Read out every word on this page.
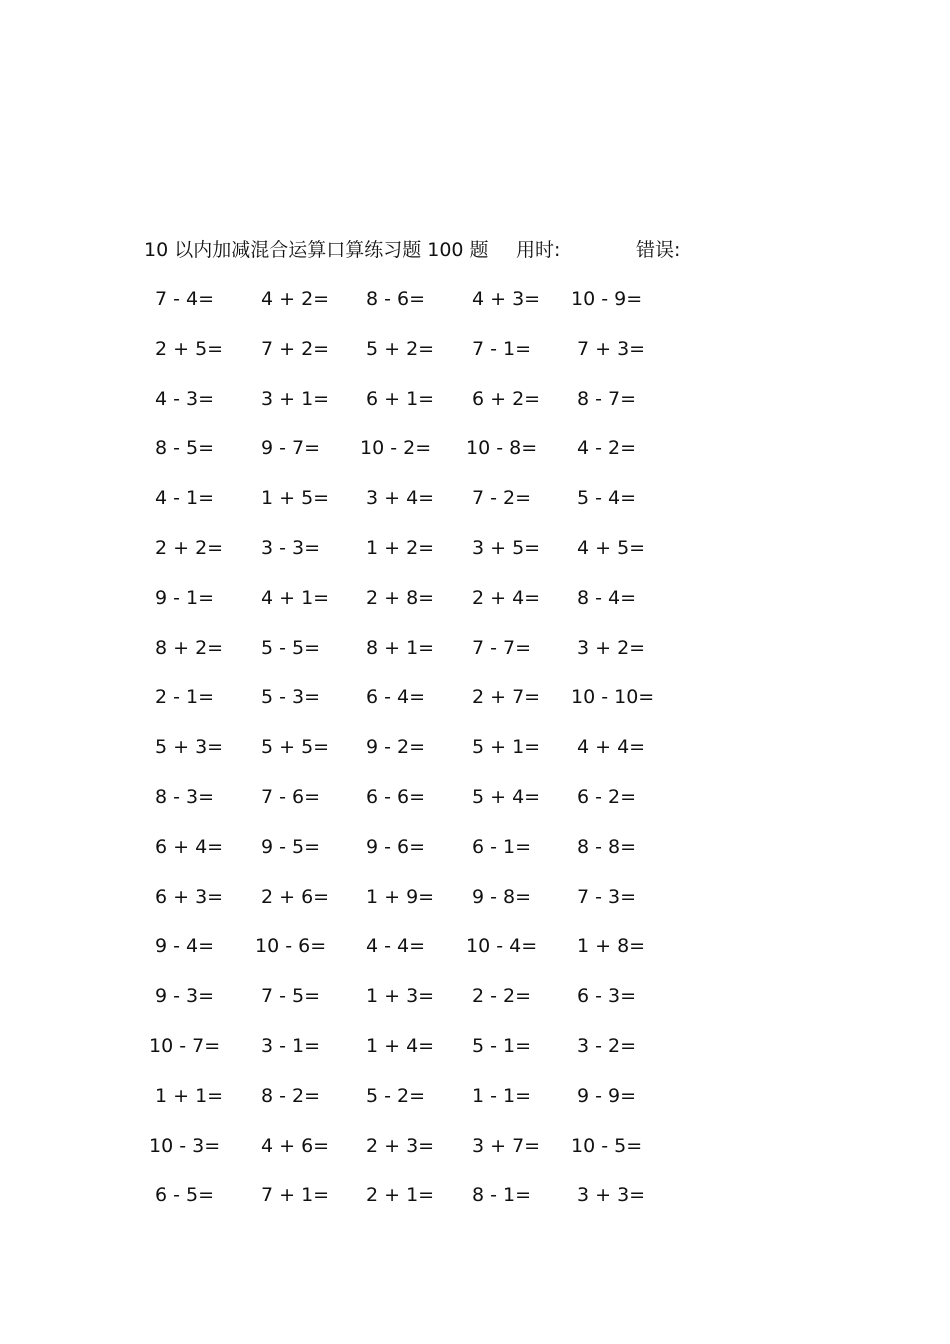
10 以内加减混合运算口算练习题 100 题 用时:	错误:
7 - 4= 4 + 2= 8 - 6= 4 + 3= 10 - 9=
2 + 5= 7 + 2= 5 + 2= 7 - 1= 7 + 3=
4 - 3= 3 + 1= 6 + 1= 6 + 2= 8 - 7=
8 - 5= 9 - 7= 10 - 2= 10 - 8= 4 - 2=
4 - 1= 1 + 5= 3 + 4= 7 - 2= 5 - 4=
2 + 2= 3 - 3= 1 + 2= 3 + 5= 4 + 5=
9 - 1= 4 + 1= 2 + 8= 2 + 4= 8 - 4=
8 + 2= 5 - 5= 8 + 1= 7 - 7= 3 + 2=
2 - 1= 5 - 3= 6 - 4= 2 + 7= 10 - 10=
5 + 3= 5 + 5= 9 - 2= 5 + 1= 4 + 4=
8 - 3= 7 - 6= 6 - 6= 5 + 4= 6 - 2=
6 + 4= 9 - 5= 9 - 6= 6 - 1= 8 - 8=
6 + 3= 2 + 6= 1 + 9= 9 - 8= 7 - 3=
9 - 4= 10 - 6= 4 - 4= 10 - 4= 1 + 8=
9 - 3= 7 - 5= 1 + 3= 2 - 2= 6 - 3=
10 - 7= 3 - 1= 1 + 4= 5 - 1= 3 - 2=
1 + 1= 8 - 2= 5 - 2= 1 - 1= 9 - 9=
10 - 3= 4 + 6= 2 + 3= 3 + 7= 10 - 5=
6 - 5= 7 + 1= 2 + 1= 8 - 1= 3 + 3=
